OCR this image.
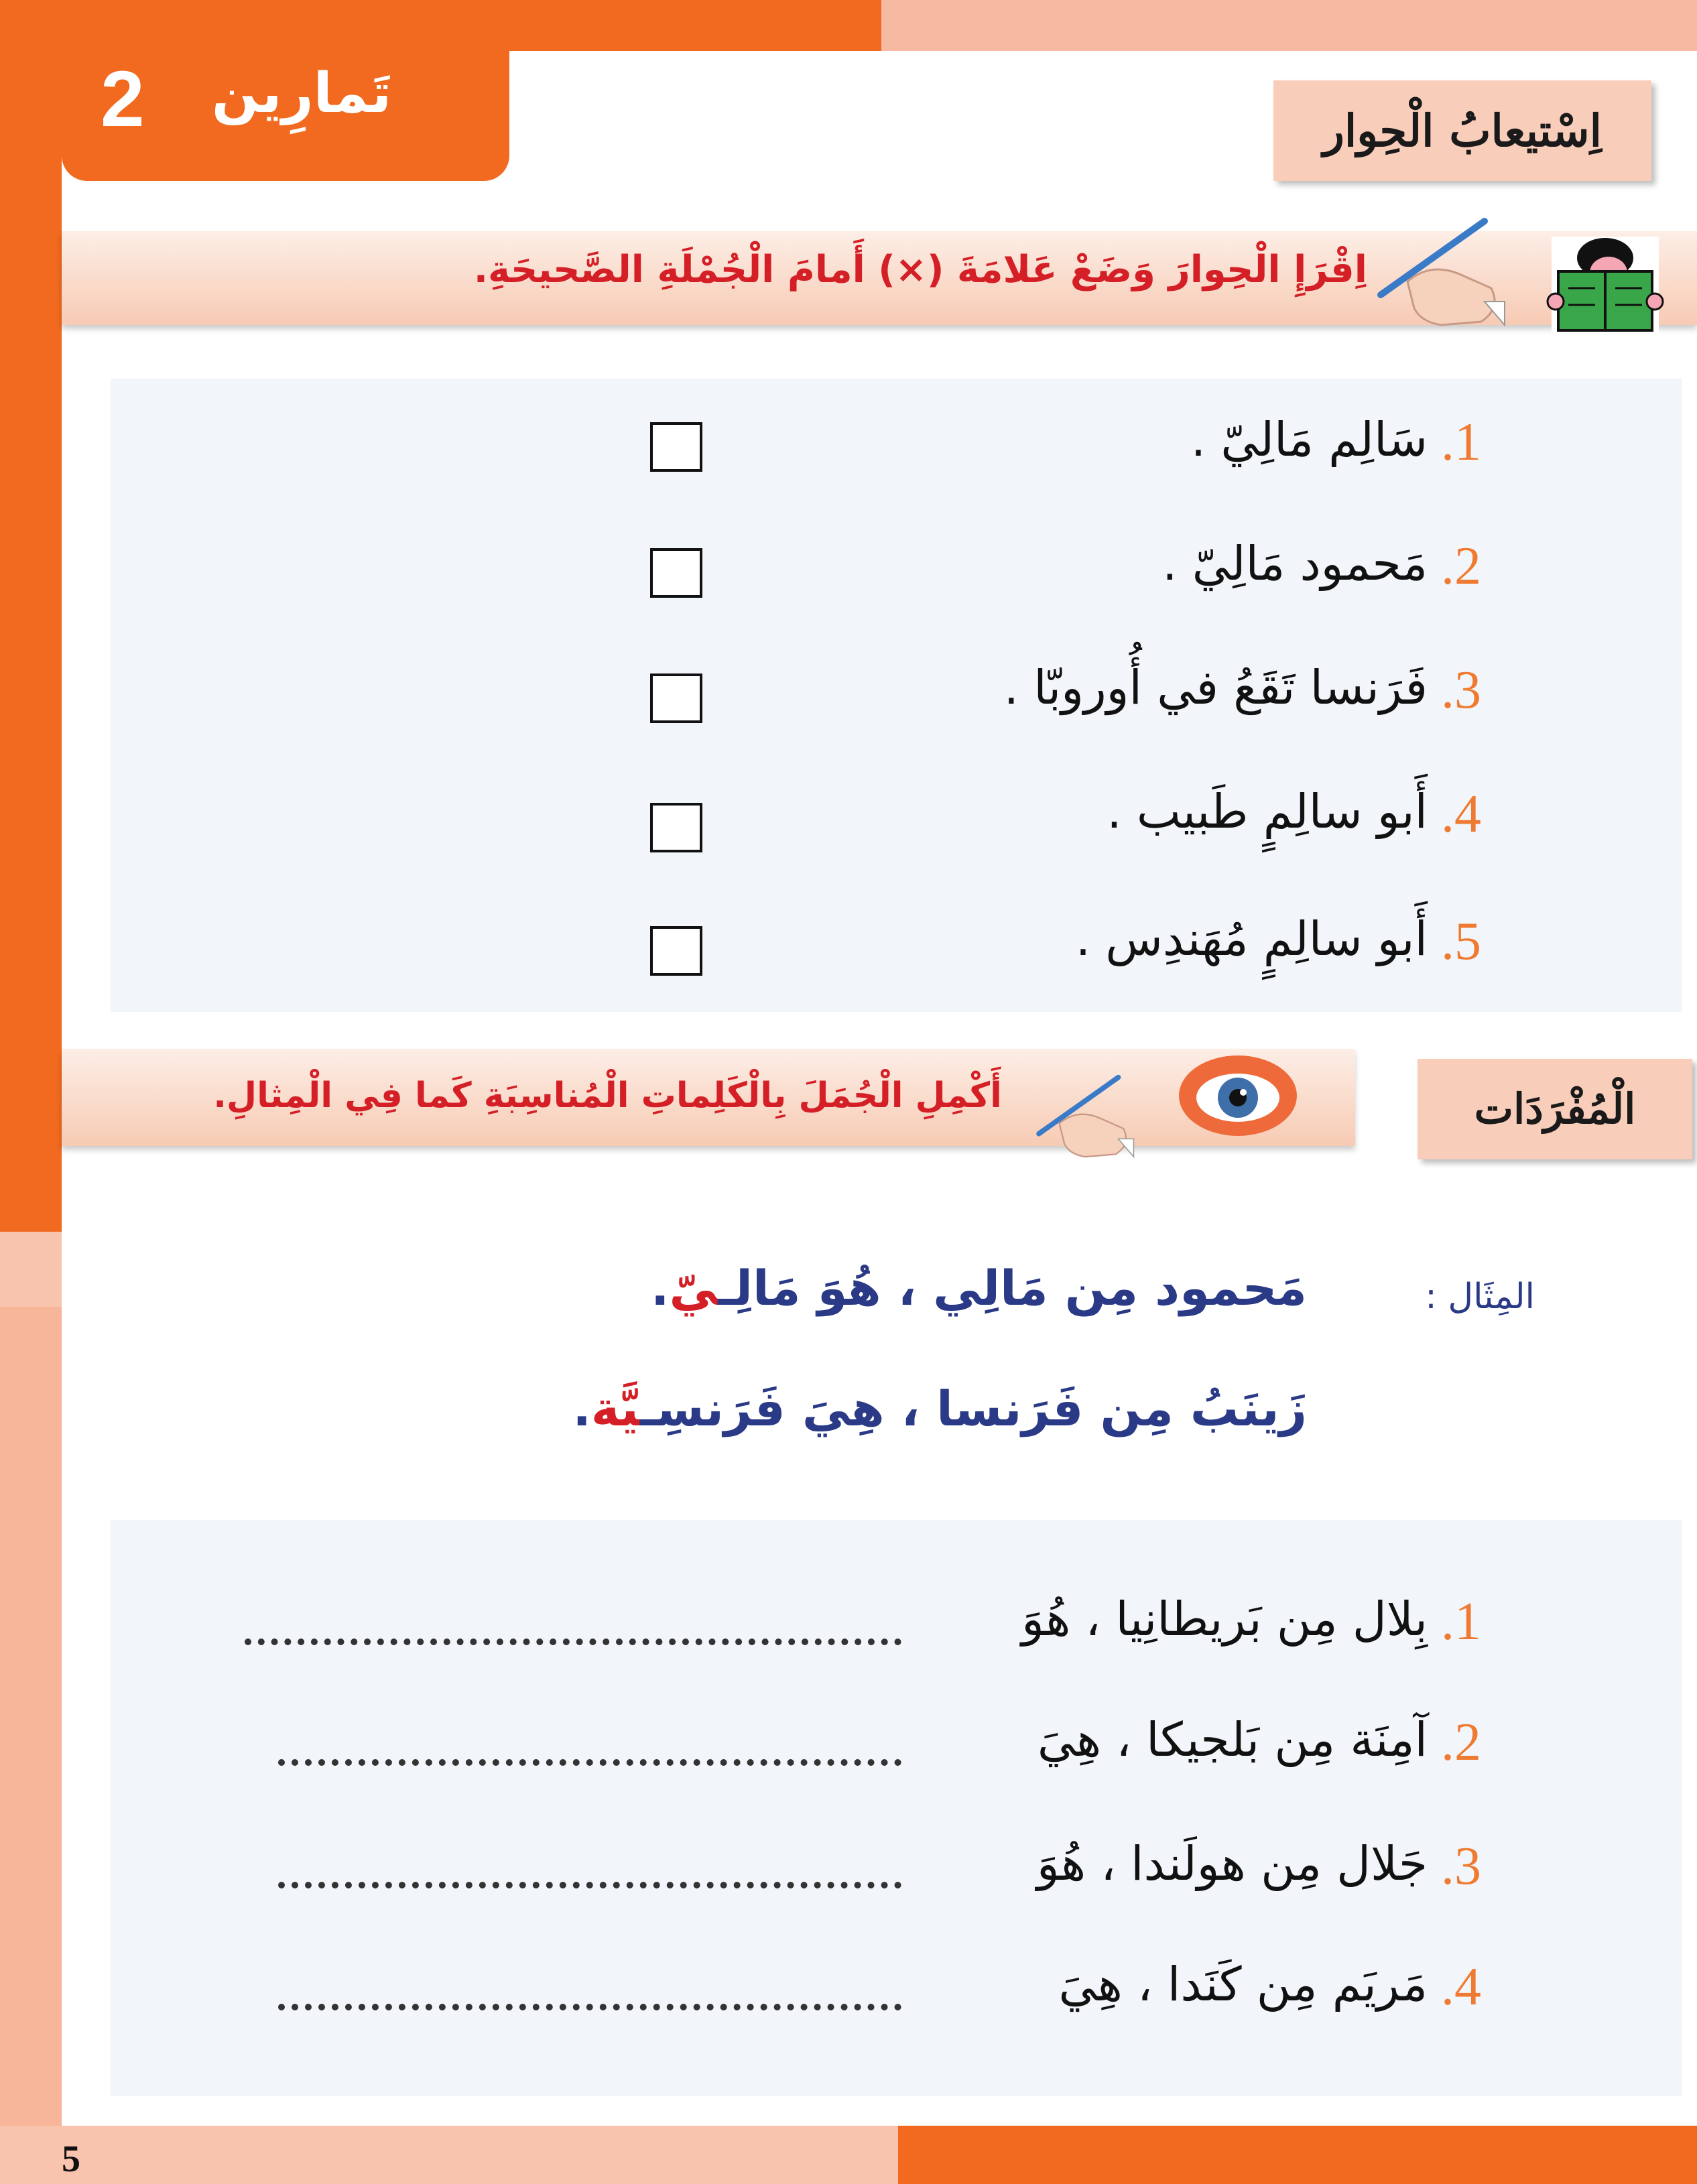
2 تَمارِين
اِسْتيعابُ الْحِوار
اِقْرَإِ الْحِوارَ وَضَعْ عَلامَةَ (×) أَمامَ الْجُمْلَةِ الصَّحيحَةِ.
.1
سَالِم مَالِيّ .
.2
مَحمود مَالِيّ .
.3
فَرَنسا تَقَعُ في أُوروبّا .
.4
أَبو سالِمٍ طَبيب .
.5
أَبو سالِمٍ مُهَندِس .
الْمُفْرَدَات
أَكْمِلِ الْجُمَلَ بِالْكَلِماتِ الْمُناسِبَةِ كَما فِي الْمِثالِ.
المِثَال :
مَحمود مِن مَالِي ، هُوَ مَالِـيّ.
زَينَبُ مِن فَرَنسا ، هِيَ فَرَنسِـيَّة.
.1
بِلال مِن بَريطانِيا ، هُوَ
.2
آمِنَة مِن بَلجيكا ، هِيَ
.3
جَلال مِن هولَندا ، هُوَ
.4
مَريَم مِن كَنَدا ، هِيَ
5
